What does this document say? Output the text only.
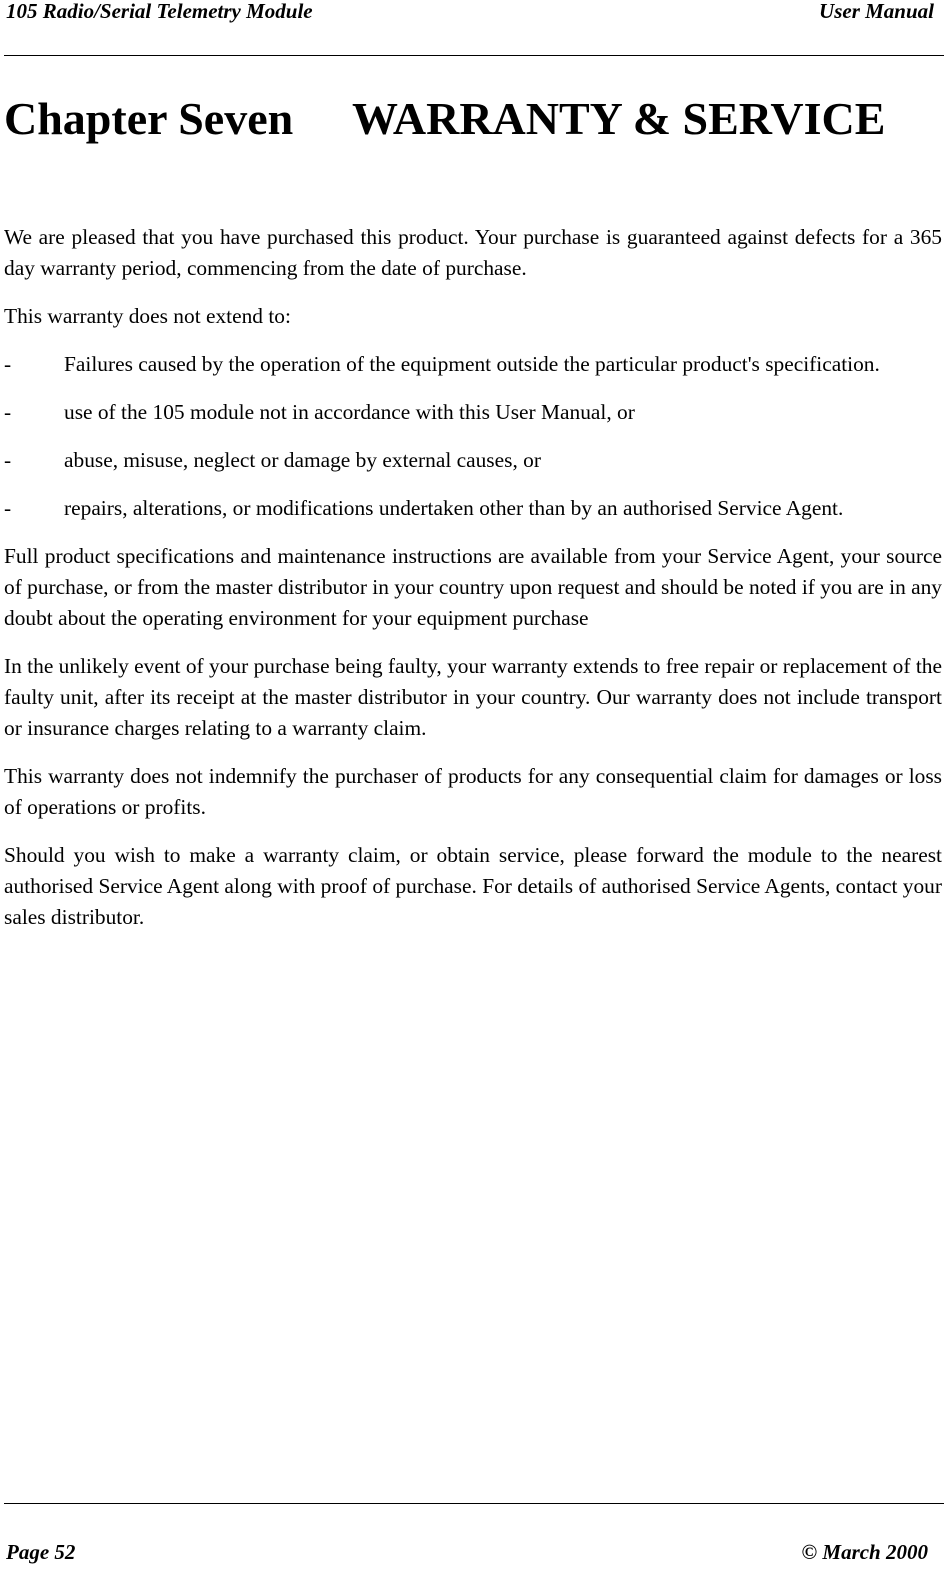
105 Radio/Serial Telemetry Module	User Manual
Chapter Seven WARRANTY & SERVICE

We are pleased that you have purchased this product. Your purchase is guaranteed against defects for a 365 day warranty period, commencing from the date of purchase.

This warranty does not extend to:

-	Failures caused by the operation of the equipment outside the particular product's specification.
-	use of the 105 module not in accordance with this User Manual, or
-	abuse, misuse, neglect or damage by external causes, or
-	repairs, alterations, or modifications undertaken other than by an authorised Service Agent.

Full product specifications and maintenance instructions are available from your Service Agent, your source of purchase, or from the master distributor in your country upon request and should be noted if you are in any doubt about the operating environment for your equipment purchase

In the unlikely event of your purchase being faulty, your warranty extends to free repair or replacement of the faulty unit, after its receipt at the master distributor in your country. Our warranty does not include transport or insurance charges relating to a warranty claim.

This warranty does not indemnify the purchaser of products for any consequential claim for damages or loss of operations or profits.

Should you wish to make a warranty claim, or obtain service, please forward the module to the nearest authorised Service Agent along with proof of purchase. For details of authorised Service Agents, contact your sales distributor.

Page 52	© March 2000
